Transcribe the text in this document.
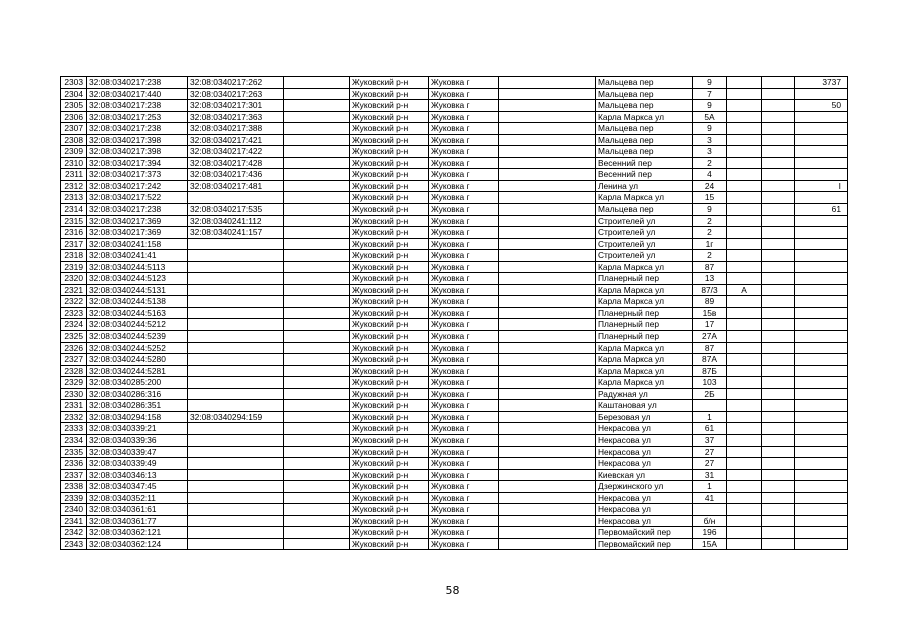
2303	32:08:0340217:238	32:08:0340217:262		Жуковский р-н	Жуковка г		Мальцева пер	9			3737
2304	32:08:0340217:440	32:08:0340217:263		Жуковский р-н	Жуковка г		Мальцева пер	7			
2305	32:08:0340217:238	32:08:0340217:301		Жуковский р-н	Жуковка г		Мальцева пер	9			50
2306	32:08:0340217:253	32:08:0340217:363		Жуковский р-н	Жуковка г		Карла Маркса ул	5А			
2307	32:08:0340217:238	32:08:0340217:388		Жуковский р-н	Жуковка г		Мальцева пер	9			
2308	32:08:0340217:398	32:08:0340217:421		Жуковский р-н	Жуковка г		Мальцева пер	3			
2309	32:08:0340217:398	32:08:0340217:422		Жуковский р-н	Жуковка г		Мальцева пер	3			
2310	32:08:0340217:394	32:08:0340217:428		Жуковский р-н	Жуковка г		Весенний пер	2			
2311	32:08:0340217:373	32:08:0340217:436		Жуковский р-н	Жуковка г		Весенний пер	4			
2312	32:08:0340217:242	32:08:0340217:481		Жуковский р-н	Жуковка г		Ленина ул	24			I
2313	32:08:0340217:522			Жуковский р-н	Жуковка г		Карла Маркса ул	15			
2314	32:08:0340217:238	32:08:0340217:535		Жуковский р-н	Жуковка г		Мальцева пер	9			61
2315	32:08:0340217:369	32:08:0340241:112		Жуковский р-н	Жуковка г		Строителей ул	2			
2316	32:08:0340217:369	32:08:0340241:157		Жуковский р-н	Жуковка г		Строителей ул	2			
2317	32:08:0340241:158			Жуковский р-н	Жуковка г		Строителей ул	1г			
2318	32:08:0340241:41			Жуковский р-н	Жуковка г		Строителей ул	2			
2319	32:08:0340244:5113			Жуковский р-н	Жуковка г		Карла Маркса ул	87			
2320	32:08:0340244:5123			Жуковский р-н	Жуковка г		Планерный пер	13			
2321	32:08:0340244:5131			Жуковский р-н	Жуковка г		Карла Маркса ул	87/3	А		
2322	32:08:0340244:5138			Жуковский р-н	Жуковка г		Карла Маркса ул	89			
2323	32:08:0340244:5163			Жуковский р-н	Жуковка г		Планерный пер	15в			
2324	32:08:0340244:5212			Жуковский р-н	Жуковка г		Планерный пер	17			
2325	32:08:0340244:5239			Жуковский р-н	Жуковка г		Планерный пер	27А			
2326	32:08:0340244:5252			Жуковский р-н	Жуковка г		Карла Маркса ул	87			
2327	32:08:0340244:5280			Жуковский р-н	Жуковка г		Карла Маркса ул	87А			
2328	32:08:0340244:5281			Жуковский р-н	Жуковка г		Карла Маркса ул	87Б			
2329	32:08:0340285:200			Жуковский р-н	Жуковка г		Карла Маркса ул	103			
2330	32:08:0340286:316			Жуковский р-н	Жуковка г		Радужная ул	2Б			
2331	32:08:0340286:351			Жуковский р-н	Жуковка г		Каштановая ул				
2332	32:08:0340294:158	32:08:0340294:159		Жуковский р-н	Жуковка г		Березовая ул	1			
2333	32:08:0340339:21			Жуковский р-н	Жуковка г		Некрасова ул	61			
2334	32:08:0340339:36			Жуковский р-н	Жуковка г		Некрасова ул	37			
2335	32:08:0340339:47			Жуковский р-н	Жуковка г		Некрасова ул	27			
2336	32:08:0340339:49			Жуковский р-н	Жуковка г		Некрасова ул	27			
2337	32:08:0340346:13			Жуковский р-н	Жуковка г		Киевская ул	31			
2338	32:08:0340347:45			Жуковский р-н	Жуковка г		Дзержинского ул	1			
2339	32:08:0340352:11			Жуковский р-н	Жуковка г		Некрасова ул	41			
2340	32:08:0340361:61			Жуковский р-н	Жуковка г		Некрасова ул				
2341	32:08:0340361:77			Жуковский р-н	Жуковка г		Некрасова ул	б/н			
2342	32:08:0340362:121			Жуковский р-н	Жуковка г		Первомайский пер	196			
2343	32:08:0340362:124			Жуковский р-н	Жуковка г		Первомайский пер	15А			
58
